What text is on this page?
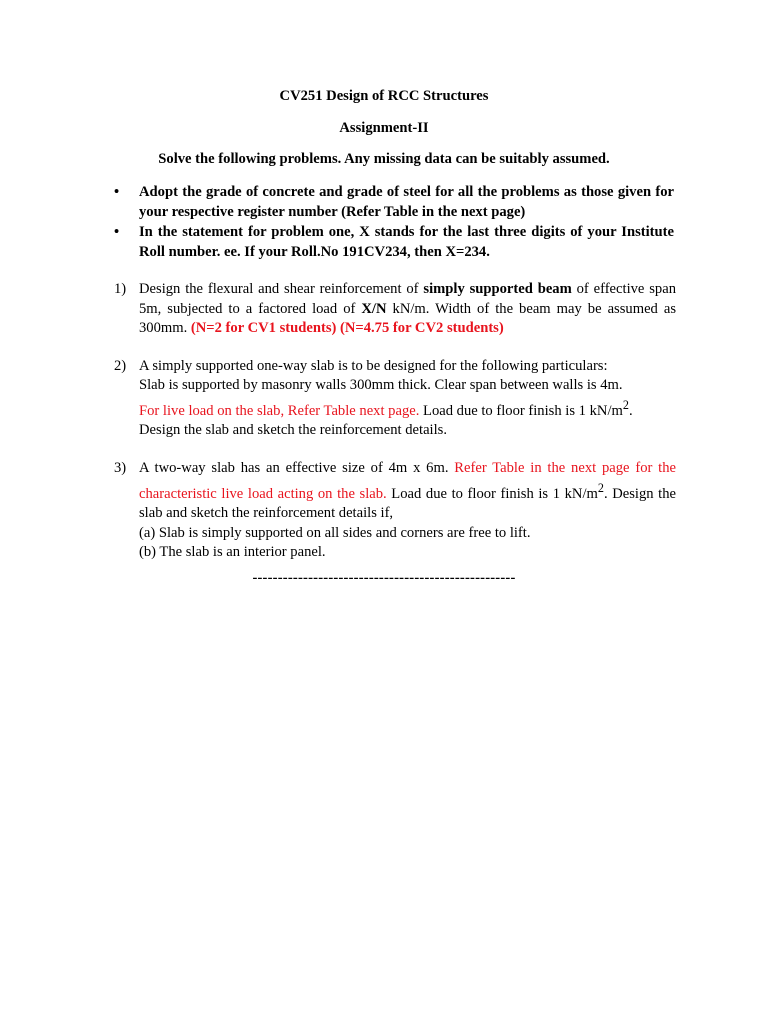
CV251 Design of RCC Structures
Assignment-II
Solve the following problems. Any missing data can be suitably assumed.
• Adopt the grade of concrete and grade of steel for all the problems as those given for your respective register number (Refer Table in the next page)
• In the statement for problem one, X stands for the last three digits of your Institute Roll number. ee. If your Roll.No 191CV234, then X=234.
1) Design the flexural and shear reinforcement of simply supported beam of effective span 5m, subjected to a factored load of X/N kN/m. Width of the beam may be assumed as 300mm. (N=2 for CV1 students) (N=4.75 for CV2 students)
2) A simply supported one-way slab is to be designed for the following particulars:
Slab is supported by masonry walls 300mm thick. Clear span between walls is 4m.
For live load on the slab, Refer Table next page. Load due to floor finish is 1 $kN/m^2$.
Design the slab and sketch the reinforcement details.
3) A two-way slab has an effective size of 4m x 6m. Refer Table in the next page for the characteristic live load acting on the slab. Load due to floor finish is 1 $kN/m^2$. Design the slab and sketch the reinforcement details if,
(a) Slab is simply supported on all sides and corners are free to lift.
(b) The slab is an interior panel.
----------------------------------------------------
